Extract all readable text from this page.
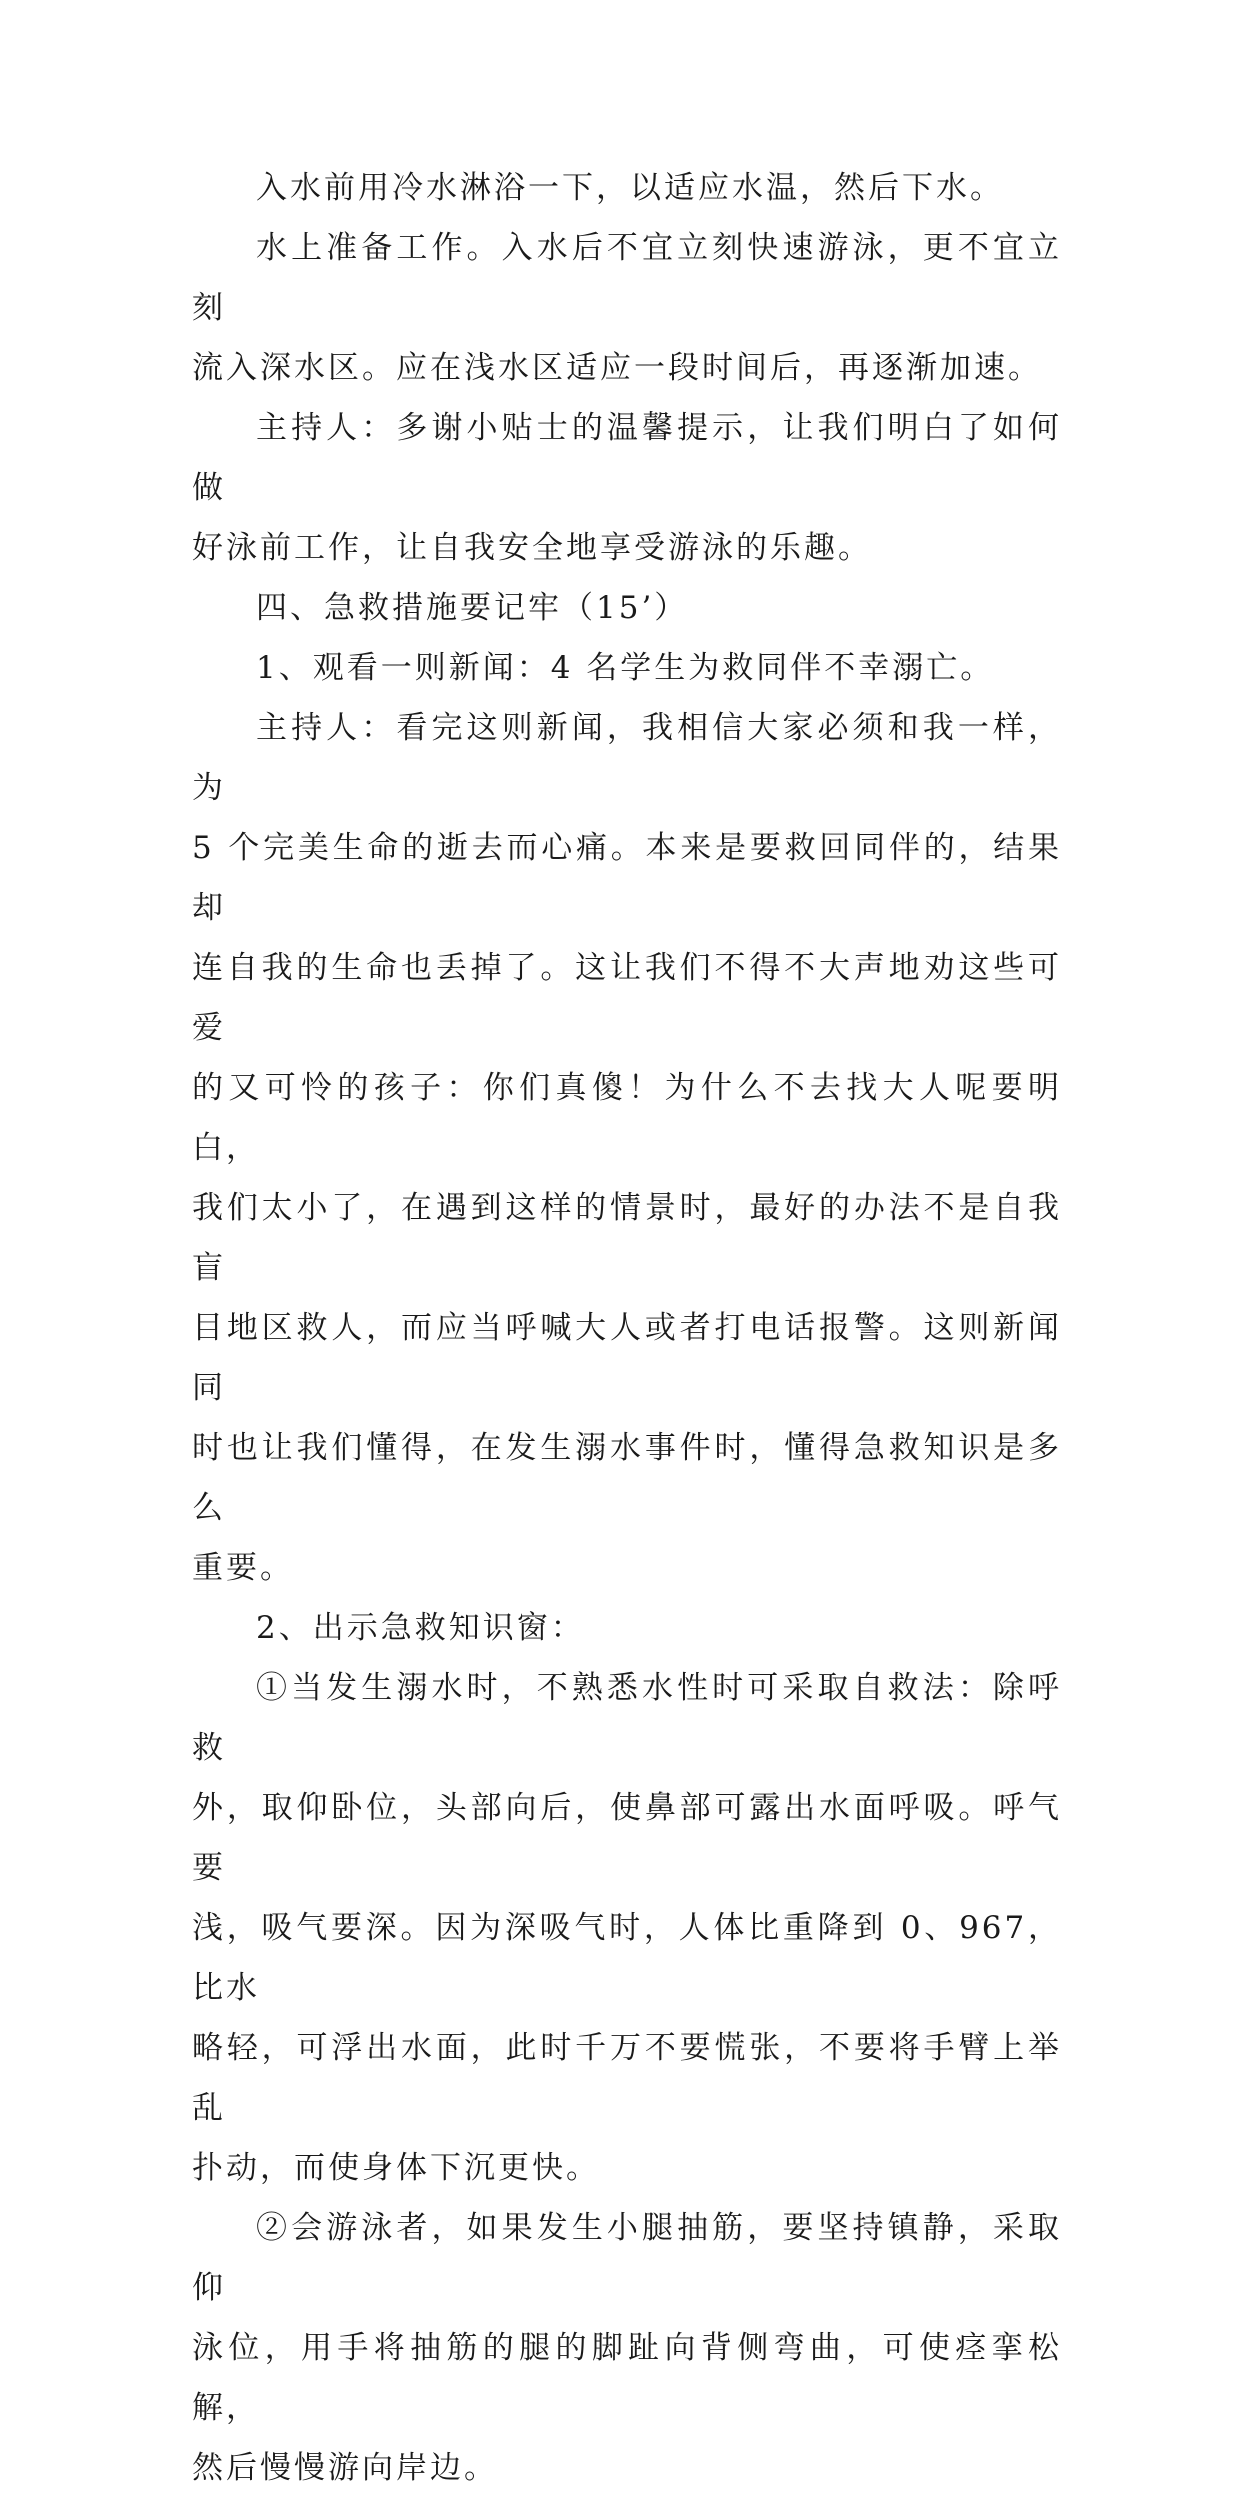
入水前用冷水淋浴一下，以适应水温，然后下水。

水上准备工作。入水后不宜立刻快速游泳，更不宜立刻
流入深水区。应在浅水区适应一段时间后，再逐渐加速。

主持人：多谢小贴士的温馨提示，让我们明白了如何做
好泳前工作，让自我安全地享受游泳的乐趣。

四、急救措施要记牢（15’）

1、观看一则新闻：4 名学生为救同伴不幸溺亡。

主持人：看完这则新闻，我相信大家必须和我一样，为
5 个完美生命的逝去而心痛。本来是要救回同伴的，结果却
连自我的生命也丢掉了。这让我们不得不大声地劝这些可爱
的又可怜的孩子：你们真傻！为什么不去找大人呢要明白，
我们太小了，在遇到这样的情景时，最好的办法不是自我盲
目地区救人，而应当呼喊大人或者打电话报警。这则新闻同
时也让我们懂得，在发生溺水事件时，懂得急救知识是多么
重要。

2、出示急救知识窗：

①当发生溺水时，不熟悉水性时可采取自救法：除呼救
外，取仰卧位，头部向后，使鼻部可露出水面呼吸。呼气要
浅，吸气要深。因为深吸气时，人体比重降到 0、967，比水
略轻，可浮出水面，此时千万不要慌张，不要将手臂上举乱
扑动，而使身体下沉更快。

②会游泳者，如果发生小腿抽筋，要坚持镇静，采取仰
泳位，用手将抽筋的腿的脚趾向背侧弯曲，可使痉挛松解，
然后慢慢游向岸边。
